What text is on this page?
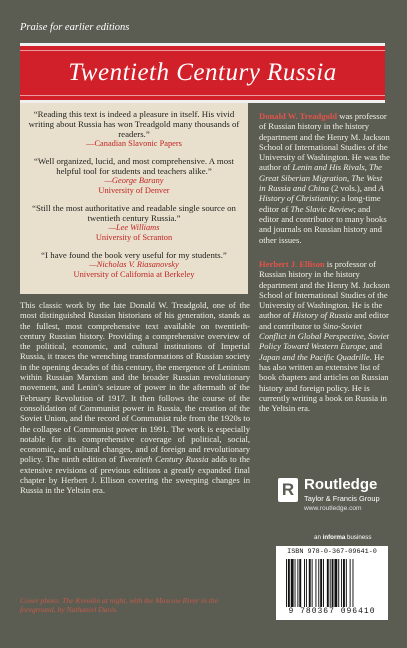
Praise for earlier editions
Twentieth Century Russia
“Reading this text is indeed a pleasure in itself. His vivid writing about Russia has won Treadgold many thousands of readers.”
—Canadian Slavonic Papers
“Well organized, lucid, and most comprehensive. A most helpful tool for students and teachers alike.”
—George Barany
University of Denver
“Still the most authoritative and readable single source on twentieth century Russia.”
—Lee Williams
University of Scranton
“I have found the book very useful for my students.”
—Nicholas V. Riasanovsky
University of California at Berkeley
This classic work by the late Donald W. Treadgold, one of the most distinguished Russian historians of his generation, stands as the fullest, most comprehensive text available on twentieth-century Russian history. Providing a comprehensive overview of the political, economic, and cultural institutions of Imperial Russia, it traces the wrenching transformations of Russian society in the opening decades of this century, the emergence of Leninism within Russian Marxism and the broader Russian revolutionary movement, and Lenin’s seizure of power in the aftermath of the February Revolution of 1917. It then follows the course of the consolidation of Communist power in Russia, the creation of the Soviet Union, and the record of Communist rule from the 1920s to the collapse of Communist power in 1991. The work is especially notable for its comprehensive coverage of political, social, economic, and cultural changes, and of foreign and revolutionary policy. The ninth edition of Twentieth Century Russia adds to the extensive revisions of previous editions a greatly expanded final chapter by Herbert J. Ellison covering the sweeping changes in Russia in the Yeltsin era.
Cover photo: The Kremlin at night, with the Moscow River in the foreground, by Nathaniel Davis.
Donald W. Treadgold was professor of Russian history in the history department and the Henry M. Jackson School of International Studies of the University of Washington. He was the author of Lenin and His Rivals, The Great Siberian Migration, The West in Russia and China (2 vols.), and A History of Christianity; a long-time editor of The Slavic Review; and editor and contributor to many books and journals on Russian history and other issues.
Herbert J. Ellison is professor of Russian history in the history department and the Henry M. Jackson School of International Studies of the University of Washington. He is the author of History of Russia and editor and contributor to Sino-Soviet Conflict in Global Perspective, Soviet Policy Toward Western Europe, and Japan and the Pacific Quadrille. He has also written an extensive list of book chapters and articles on Russian history and foreign policy. He is currently writing a book on Russia in the Yeltsin era.
R Routledge
Taylor & Francis Group
www.routledge.com
an informa business
ISBN 978-0-367-09641-0
9 780367 096410
